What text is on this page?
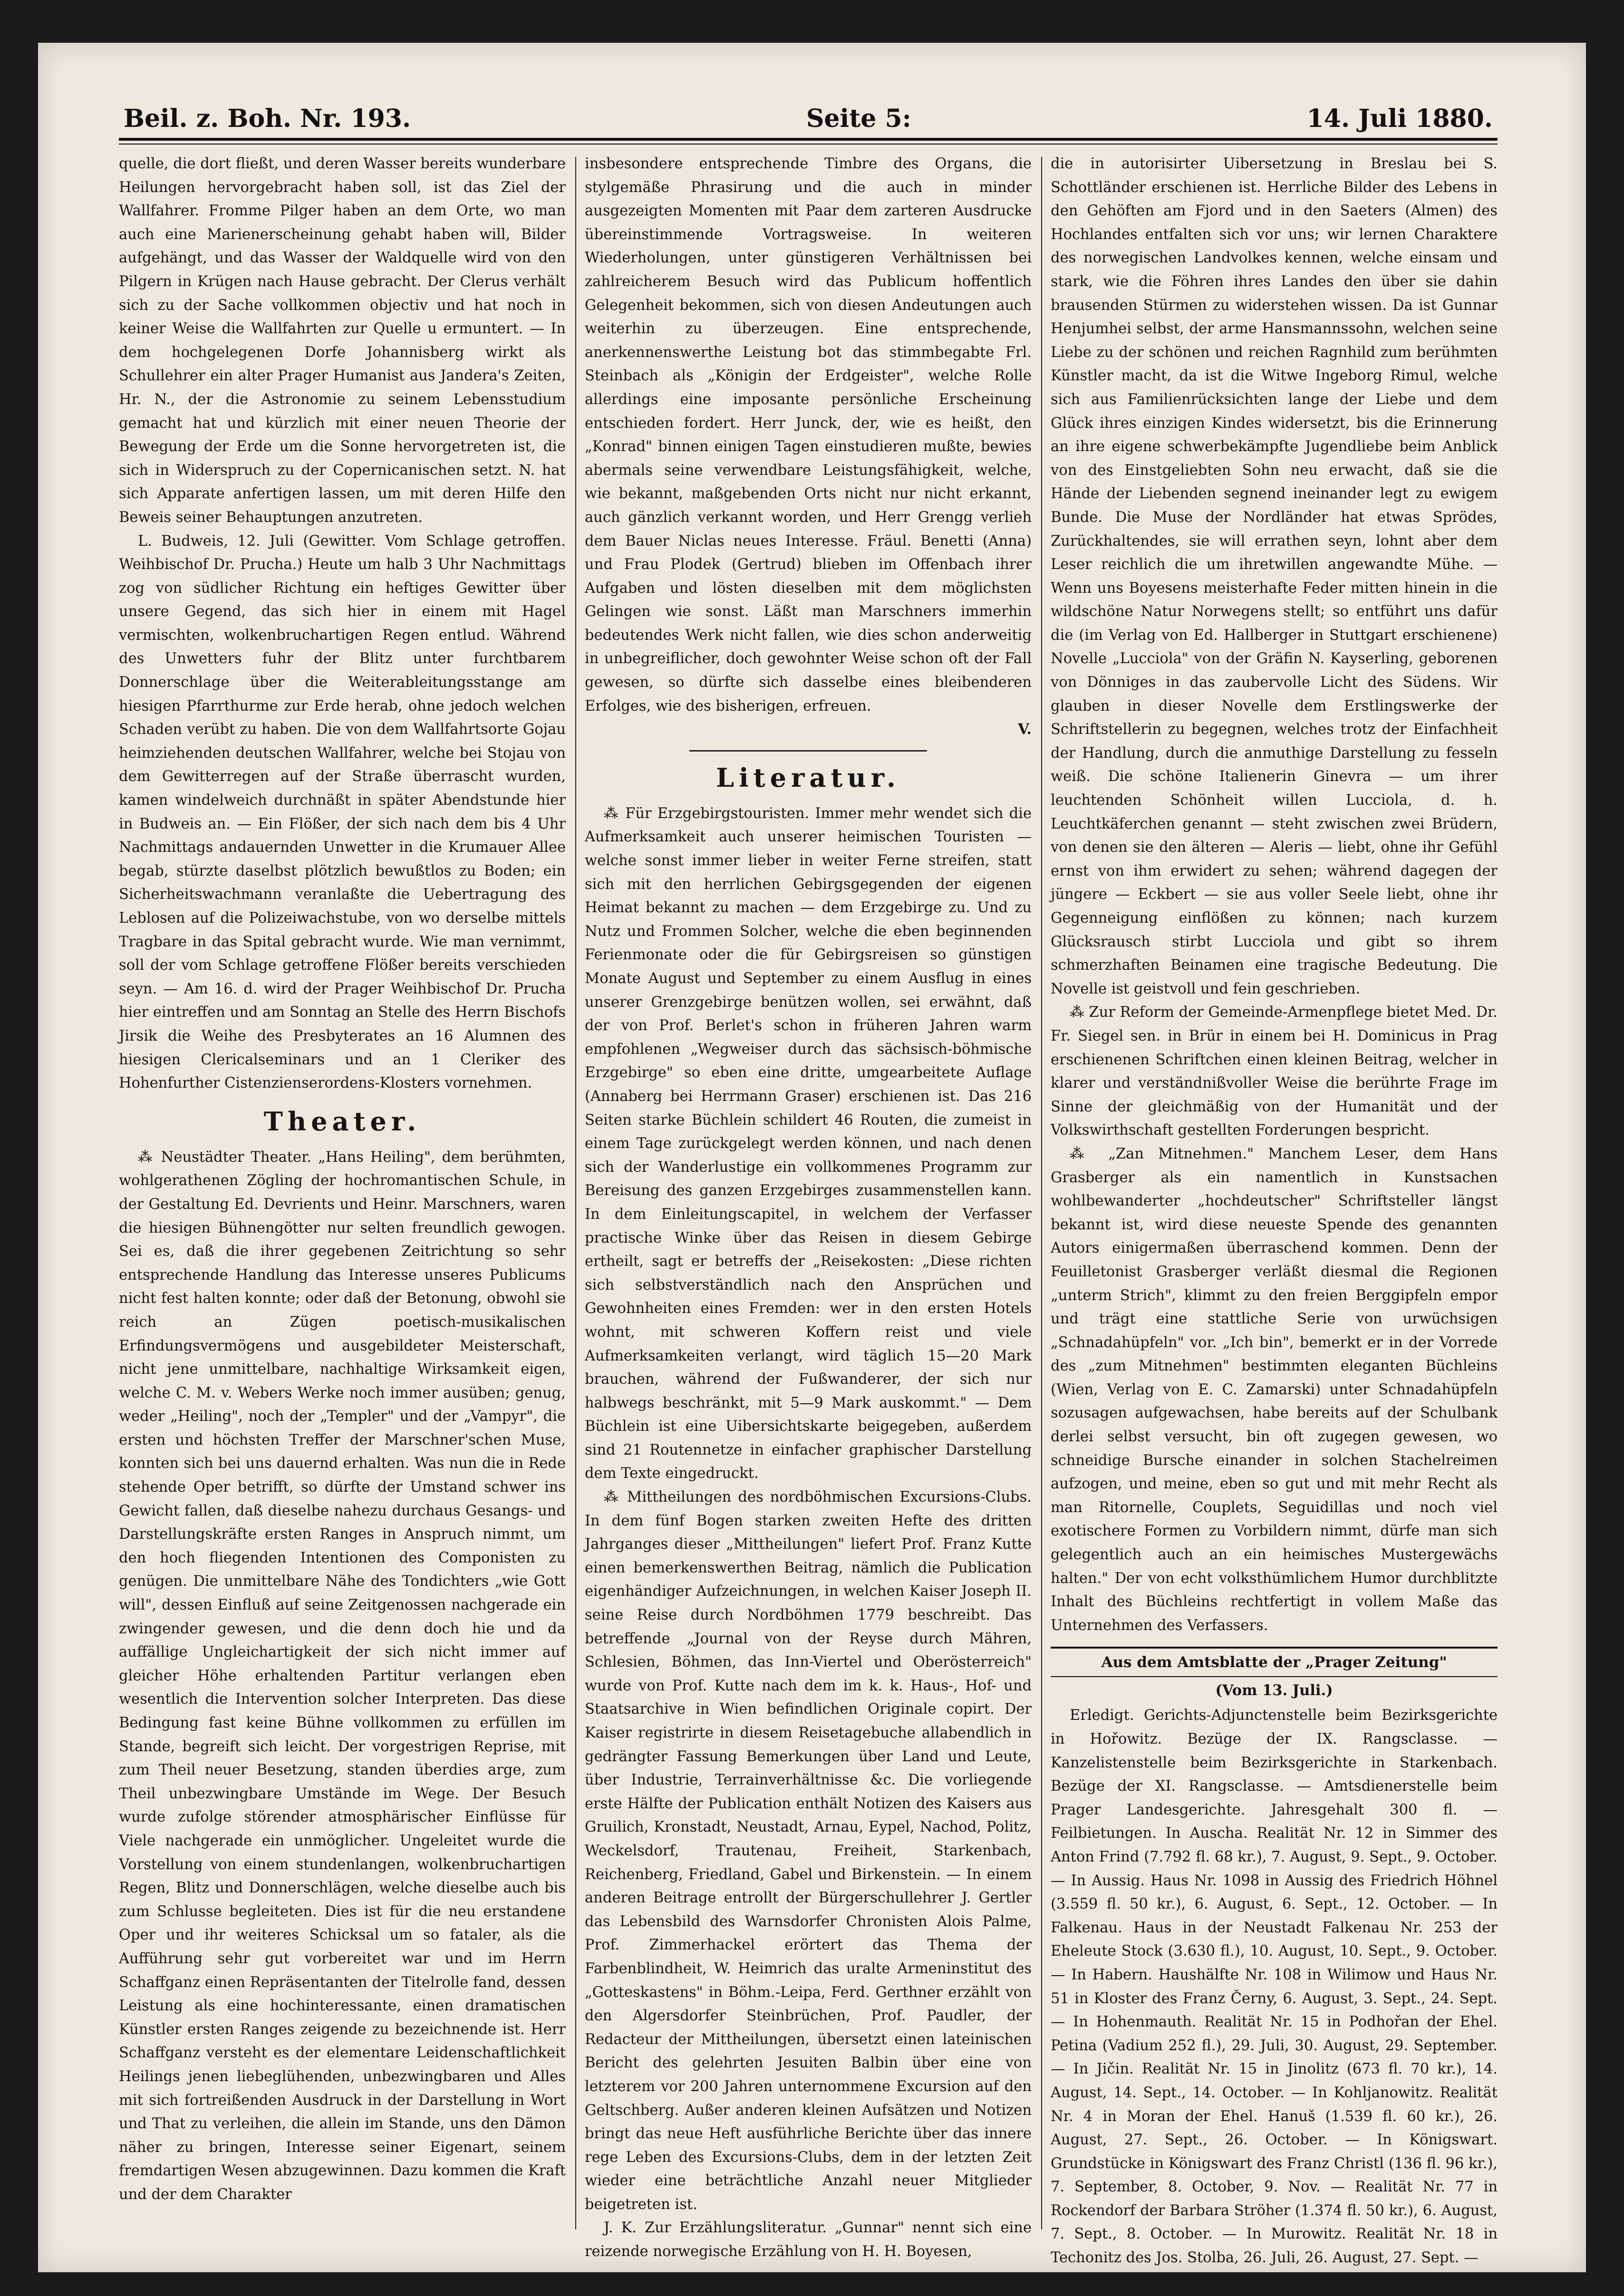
Beil. z. Boh. Nr. 193.	Seite 5:	14. Juli 1880.

quelle, die dort fließt, und deren Wasser bereits wunderbare Heilungen hervorgebracht haben soll, ist das Ziel der Wallfahrer. Fromme Pilger haben an dem Orte, wo man auch eine Marienerscheinung gehabt haben will, Bilder aufgehängt, und das Wasser der Waldquelle wird von den Pilgern in Krügen nach Hause gebracht. Der Clerus verhält sich zu der Sache vollkommen objectiv und hat noch in keiner Weise die Wallfahrten zur Quelle u ermuntert. — In dem hochgelegenen Dorfe Johannisberg wirkt als Schullehrer ein alter Prager Humanist aus Jandera's Zeiten, Hr. N., der die Astronomie zu seinem Lebensstudium gemacht hat und kürzlich mit einer neuen Theorie der Bewegung der Erde um die Sonne hervorgetreten ist, die sich in Widerspruch zu der Copernicanischen setzt. N. hat sich Apparate anfertigen lassen, um mit deren Hilfe den Beweis seiner Behauptungen anzutreten.

L. Budweis, 12. Juli (Gewitter. Vom Schlage getroffen. Weihbischof Dr. Prucha.) Heute um halb 3 Uhr Nachmittags zog von südlicher Richtung ein heftiges Gewitter über unsere Gegend, das sich hier in einem mit Hagel vermischten, wolkenbruchartigen Regen entlud. Während des Unwetters fuhr der Blitz unter furchtbarem Donnerschlage über die Weiterableitungsstange am hiesigen Pfarrthurme zur Erde herab, ohne jedoch welchen Schaden verübt zu haben. Die von dem Wallfahrtsorte Gojau heimziehenden deutschen Wallfahrer, welche bei Stojau von dem Gewitterregen auf der Straße überrascht wurden, kamen windelweich durchnäßt in später Abendstunde hier in Budweis an. — Ein Flößer, der sich nach dem bis 4 Uhr Nachmittags andauernden Unwetter in die Krumauer Allee begab, stürzte daselbst plötzlich bewußtlos zu Boden; ein Sicherheitswachmann veranlaßte die Uebertragung des Leblosen auf die Polizeiwachstube, von wo derselbe mittels Tragbare in das Spital gebracht wurde. Wie man vernimmt, soll der vom Schlage getroffene Flößer bereits verschieden seyn. — Am 16. d. wird der Prager Weihbischof Dr. Prucha hier eintreffen und am Sonntag an Stelle des Herrn Bischofs Jirsik die Weihe des Presbyterates an 16 Alumnen des hiesigen Clericalseminars und an 1 Cleriker des Hohenfurther Cistenzienserordens-Klosters vornehmen.

Theater.

⁂ Neustädter Theater. „Hans Heiling", dem berühmten, wohlgerathenen Zögling der hochromantischen Schule, in der Gestaltung Ed. Devrients und Heinr. Marschners, waren die hiesigen Bühnengötter nur selten freundlich gewogen. Sei es, daß die ihrer gegebenen Zeitrichtung so sehr entsprechende Handlung das Interesse unseres Publicums nicht fest halten konnte; oder daß der Betonung, obwohl sie reich an Zügen poetisch-musikalischen Erfindungsvermögens und ausgebildeter Meisterschaft, nicht jene unmittelbare, nachhaltige Wirksamkeit eigen, welche C. M. v. Webers Werke noch immer ausüben; genug, weder „Heiling", noch der „Templer" und der „Vampyr", die ersten und höchsten Treffer der Marschner'schen Muse, konnten sich bei uns dauernd erhalten. Was nun die in Rede stehende Oper betrifft, so dürfte der Umstand schwer ins Gewicht fallen, daß dieselbe nahezu durchaus Gesangs- und Darstellungskräfte ersten Ranges in Anspruch nimmt, um den hoch fliegenden Intentionen des Componisten zu genügen. Die unmittelbare Nähe des Tondichters „wie Gott will", dessen Einfluß auf seine Zeitgenossen nachgerade ein zwingender gewesen, und die denn doch hie und da auffällige Ungleichartigkeit der sich nicht immer auf gleicher Höhe erhaltenden Partitur verlangen eben wesentlich die Intervention solcher Interpreten. Das diese Bedingung fast keine Bühne vollkommen zu erfüllen im Stande, begreift sich leicht. Der vorgestrigen Reprise, mit zum Theil neuer Besetzung, standen überdies arge, zum Theil unbezwingbare Umstände im Wege. Der Besuch wurde zufolge störender atmosphärischer Einflüsse für Viele nachgerade ein unmöglicher. Ungeleitet wurde die Vorstellung von einem stundenlangen, wolkenbruchartigen Regen, Blitz und Donnerschlägen, welche dieselbe auch bis zum Schlusse begleiteten. Dies ist für die neu erstandene Oper und ihr weiteres Schicksal um so fataler, als die Aufführung sehr gut vorbereitet war und im Herrn Schaffganz einen Repräsentanten der Titelrolle fand, dessen Leistung als eine hochinteressante, einen dramatischen Künstler ersten Ranges zeigende zu bezeichnende ist. Herr Schaffganz versteht es der elementare Leidenschaftlichkeit Heilings jenen liebeglühenden, unbezwingbaren und Alles mit sich fortreißenden Ausdruck in der Darstellung in Wort und That zu verleihen, die allein im Stande, uns den Dämon näher zu bringen, Interesse seiner Eigenart, seinem fremdartigen Wesen abzugewinnen. Dazu kommen die Kraft und der dem Charakter

insbesondere entsprechende Timbre des Organs, die stylgemäße Phrasirung und die auch in minder ausgezeigten Momenten mit Paar dem zarteren Ausdrucke übereinstimmende Vortragsweise. In weiteren Wiederholungen, unter günstigeren Verhältnissen bei zahlreicherem Besuch wird das Publicum hoffentlich Gelegenheit bekommen, sich von diesen Andeutungen auch weiterhin zu überzeugen. Eine entsprechende, anerkennenswerthe Leistung bot das stimmbegabte Frl. Steinbach als „Königin der Erdgeister", welche Rolle allerdings eine imposante persönliche Erscheinung entschieden fordert. Herr Junck, der, wie es heißt, den „Konrad" binnen einigen Tagen einstudieren mußte, bewies abermals seine verwendbare Leistungsfähigkeit, welche, wie bekannt, maßgebenden Orts nicht nur nicht erkannt, auch gänzlich verkannt worden, und Herr Grengg verlieh dem Bauer Niclas neues Interesse. Fräul. Benetti (Anna) und Frau Plodek (Gertrud) blieben im Offenbach ihrer Aufgaben und lösten dieselben mit dem möglichsten Gelingen wie sonst. Läßt man Marschners immerhin bedeutendes Werk nicht fallen, wie dies schon anderweitig in unbegreiflicher, doch gewohnter Weise schon oft der Fall gewesen, so dürfte sich dasselbe eines bleibenderen Erfolges, wie des bisherigen, erfreuen.

V.
Literatur.

⁂ Für Erzgebirgstouristen. Immer mehr wendet sich die Aufmerksamkeit auch unserer heimischen Touristen — welche sonst immer lieber in weiter Ferne streifen, statt sich mit den herrlichen Gebirgsgegenden der eigenen Heimat bekannt zu machen — dem Erzgebirge zu. Und zu Nutz und Frommen Solcher, welche die eben beginnenden Ferienmonate oder die für Gebirgsreisen so günstigen Monate August und September zu einem Ausflug in eines unserer Grenzgebirge benützen wollen, sei erwähnt, daß der von Prof. Berlet's schon in früheren Jahren warm empfohlenen „Wegweiser durch das sächsisch-böhmische Erzgebirge" so eben eine dritte, umgearbeitete Auflage (Annaberg bei Herrmann Graser) erschienen ist. Das 216 Seiten starke Büchlein schildert 46 Routen, die zumeist in einem Tage zurückgelegt werden können, und nach denen sich der Wanderlustige ein vollkommenes Programm zur Bereisung des ganzen Erzgebirges zusammenstellen kann. In dem Einleitungscapitel, in welchem der Verfasser practische Winke über das Reisen in diesem Gebirge ertheilt, sagt er betreffs der „Reisekosten: „Diese richten sich selbstverständlich nach den Ansprüchen und Gewohnheiten eines Fremden: wer in den ersten Hotels wohnt, mit schweren Koffern reist und viele Aufmerksamkeiten verlangt, wird täglich 15—20 Mark brauchen, während der Fußwanderer, der sich nur halbwegs beschränkt, mit 5—9 Mark auskommt." — Dem Büchlein ist eine Uibersichtskarte beigegeben, außerdem sind 21 Routennetze in einfacher graphischer Darstellung dem Texte eingedruckt.

⁂ Mittheilungen des nordböhmischen Excursions-Clubs. In dem fünf Bogen starken zweiten Hefte des dritten Jahrganges dieser „Mittheilungen" liefert Prof. Franz Kutte einen bemerkenswerthen Beitrag, nämlich die Publication eigenhändiger Aufzeichnungen, in welchen Kaiser Joseph II. seine Reise durch Nordböhmen 1779 beschreibt. Das betreffende „Journal von der Reyse durch Mähren, Schlesien, Böhmen, das Inn-Viertel und Oberösterreich" wurde von Prof. Kutte nach dem im k. k. Haus-, Hof- und Staatsarchive in Wien befindlichen Originale copirt. Der Kaiser registrirte in diesem Reisetagebuche allabendlich in gedrängter Fassung Bemerkungen über Land und Leute, über Industrie, Terrainverhältnisse &c. Die vorliegende erste Hälfte der Publication enthält Notizen des Kaisers aus Gruilich, Kronstadt, Neustadt, Arnau, Eypel, Nachod, Politz, Weckelsdorf, Trautenau, Freiheit, Starkenbach, Reichenberg, Friedland, Gabel und Birkenstein. — In einem anderen Beitrage entrollt der Bürgerschullehrer J. Gertler das Lebensbild des Warnsdorfer Chronisten Alois Palme, Prof. Zimmerhackel erörtert das Thema der Farbenblindheit, W. Heimrich das uralte Armeninstitut des „Gotteskastens" in Böhm.-Leipa, Ferd. Gerthner erzählt von den Algersdorfer Steinbrüchen, Prof. Paudler, der Redacteur der Mittheilungen, übersetzt einen lateinischen Bericht des gelehrten Jesuiten Balbin über eine von letzterem vor 200 Jahren unternommene Excursion auf den Geltschberg. Außer anderen kleinen Aufsätzen und Notizen bringt das neue Heft ausführliche Berichte über das innere rege Leben des Excursions-Clubs, dem in der letzten Zeit wieder eine beträchtliche Anzahl neuer Mitglieder beigetreten ist.

J. K. Zur Erzählungsliteratur. „Gunnar" nennt sich eine reizende norwegische Erzählung von H. H. Boyesen,

die in autorisirter Uibersetzung in Breslau bei S. Schottländer erschienen ist. Herrliche Bilder des Lebens in den Gehöften am Fjord und in den Saeters (Almen) des Hochlandes entfalten sich vor uns; wir lernen Charaktere des norwegischen Landvolkes kennen, welche einsam und stark, wie die Föhren ihres Landes den über sie dahin brausenden Stürmen zu widerstehen wissen. Da ist Gunnar Henjumhei selbst, der arme Hansmannssohn, welchen seine Liebe zu der schönen und reichen Ragnhild zum berühmten Künstler macht, da ist die Witwe Ingeborg Rimul, welche sich aus Familienrücksichten lange der Liebe und dem Glück ihres einzigen Kindes widersetzt, bis die Erinnerung an ihre eigene schwerbekämpfte Jugendliebe beim Anblick von des Einstgeliebten Sohn neu erwacht, daß sie die Hände der Liebenden segnend ineinander legt zu ewigem Bunde. Die Muse der Nordländer hat etwas Sprödes, Zurückhaltendes, sie will errathen seyn, lohnt aber dem Leser reichlich die um ihretwillen angewandte Mühe. — Wenn uns Boyesens meisterhafte Feder mitten hinein in die wildschöne Natur Norwegens stellt; so entführt uns dafür die (im Verlag von Ed. Hallberger in Stuttgart erschienene) Novelle „Lucciola" von der Gräfin N. Kayserling, geborenen von Dönniges in das zaubervolle Licht des Südens. Wir glauben in dieser Novelle dem Erstlingswerke der Schriftstellerin zu begegnen, welches trotz der Einfachheit der Handlung, durch die anmuthige Darstellung zu fesseln weiß. Die schöne Italienerin Ginevra — um ihrer leuchtenden Schönheit willen Lucciola, d. h. Leuchtkäferchen genannt — steht zwischen zwei Brüdern, von denen sie den älteren — Aleris — liebt, ohne ihr Gefühl ernst von ihm erwidert zu sehen; während dagegen der jüngere — Eckbert — sie aus voller Seele liebt, ohne ihr Gegenneigung einflößen zu können; nach kurzem Glücksrausch stirbt Lucciola und gibt so ihrem schmerzhaften Beinamen eine tragische Bedeutung. Die Novelle ist geistvoll und fein geschrieben.

⁂ Zur Reform der Gemeinde-Armenpflege bietet Med. Dr. Fr. Siegel sen. in Brür in einem bei H. Dominicus in Prag erschienenen Schriftchen einen kleinen Beitrag, welcher in klarer und verständnißvoller Weise die berührte Frage im Sinne der gleichmäßig von der Humanität und der Volkswirthschaft gestellten Forderungen bespricht.

⁂ „Zan Mitnehmen." Manchem Leser, dem Hans Grasberger als ein namentlich in Kunstsachen wohlbewanderter „hochdeutscher" Schriftsteller längst bekannt ist, wird diese neueste Spende des genannten Autors einigermaßen überraschend kommen. Denn der Feuilletonist Grasberger verläßt diesmal die Regionen „unterm Strich", klimmt zu den freien Berggipfeln empor und trägt eine stattliche Serie von urwüchsigen „Schnadahüpfeln" vor. „Ich bin", bemerkt er in der Vorrede des „zum Mitnehmen" bestimmten eleganten Büchleins (Wien, Verlag von E. C. Zamarski) unter Schnadahüpfeln sozusagen aufgewachsen, habe bereits auf der Schulbank derlei selbst versucht, bin oft zugegen gewesen, wo schneidige Bursche einander in solchen Stachelreimen aufzogen, und meine, eben so gut und mit mehr Recht als man Ritornelle, Couplets, Seguidillas und noch viel exotischere Formen zu Vorbildern nimmt, dürfe man sich gelegentlich auch an ein heimisches Mustergewächs halten." Der von echt volksthümlichem Humor durchblitzte Inhalt des Büchleins rechtfertigt in vollem Maße das Unternehmen des Verfassers.

Aus dem Amtsblatte der „Prager Zeitung"
(Vom 13. Juli.)

Erledigt. Gerichts-Adjunctenstelle beim Bezirksgerichte in Hořowitz. Bezüge der IX. Rangsclasse. — Kanzelistenstelle beim Bezirksgerichte in Starkenbach. Bezüge der XI. Rangsclasse. — Amtsdienerstelle beim Prager Landesgerichte. Jahresgehalt 300 fl. — Feilbietungen. In Auscha. Realität Nr. 12 in Simmer des Anton Frind (7.792 fl. 68 kr.), 7. August, 9. Sept., 9. October. — In Aussig. Haus Nr. 1098 in Aussig des Friedrich Höhnel (3.559 fl. 50 kr.), 6. August, 6. Sept., 12. October. — In Falkenau. Haus in der Neustadt Falkenau Nr. 253 der Eheleute Stock (3.630 fl.), 10. August, 10. Sept., 9. October. — In Habern. Haushälfte Nr. 108 in Wilimow und Haus Nr. 51 in Kloster des Franz Černy, 6. August, 3. Sept., 24. Sept. — In Hohenmauth. Realität Nr. 15 in Podhořan der Ehel. Petina (Vadium 252 fl.), 29. Juli, 30. August, 29. September. — In Jičin. Realität Nr. 15 in Jinolitz (673 fl. 70 kr.), 14. August, 14. Sept., 14. October. — In Kohljanowitz. Realität Nr. 4 in Moran der Ehel. Hanuš (1.539 fl. 60 kr.), 26. August, 27. Sept., 26. October. — In Königswart. Grundstücke in Königswart des Franz Christl (136 fl. 96 kr.), 7. September, 8. October, 9. Nov. — Realität Nr. 77 in Rockendorf der Barbara Ströher (1.374 fl. 50 kr.), 6. August, 7. Sept., 8. October. — In Murowitz. Realität Nr. 18 in Techonitz des Jos. Stolba, 26. Juli, 26. August, 27. Sept. —
